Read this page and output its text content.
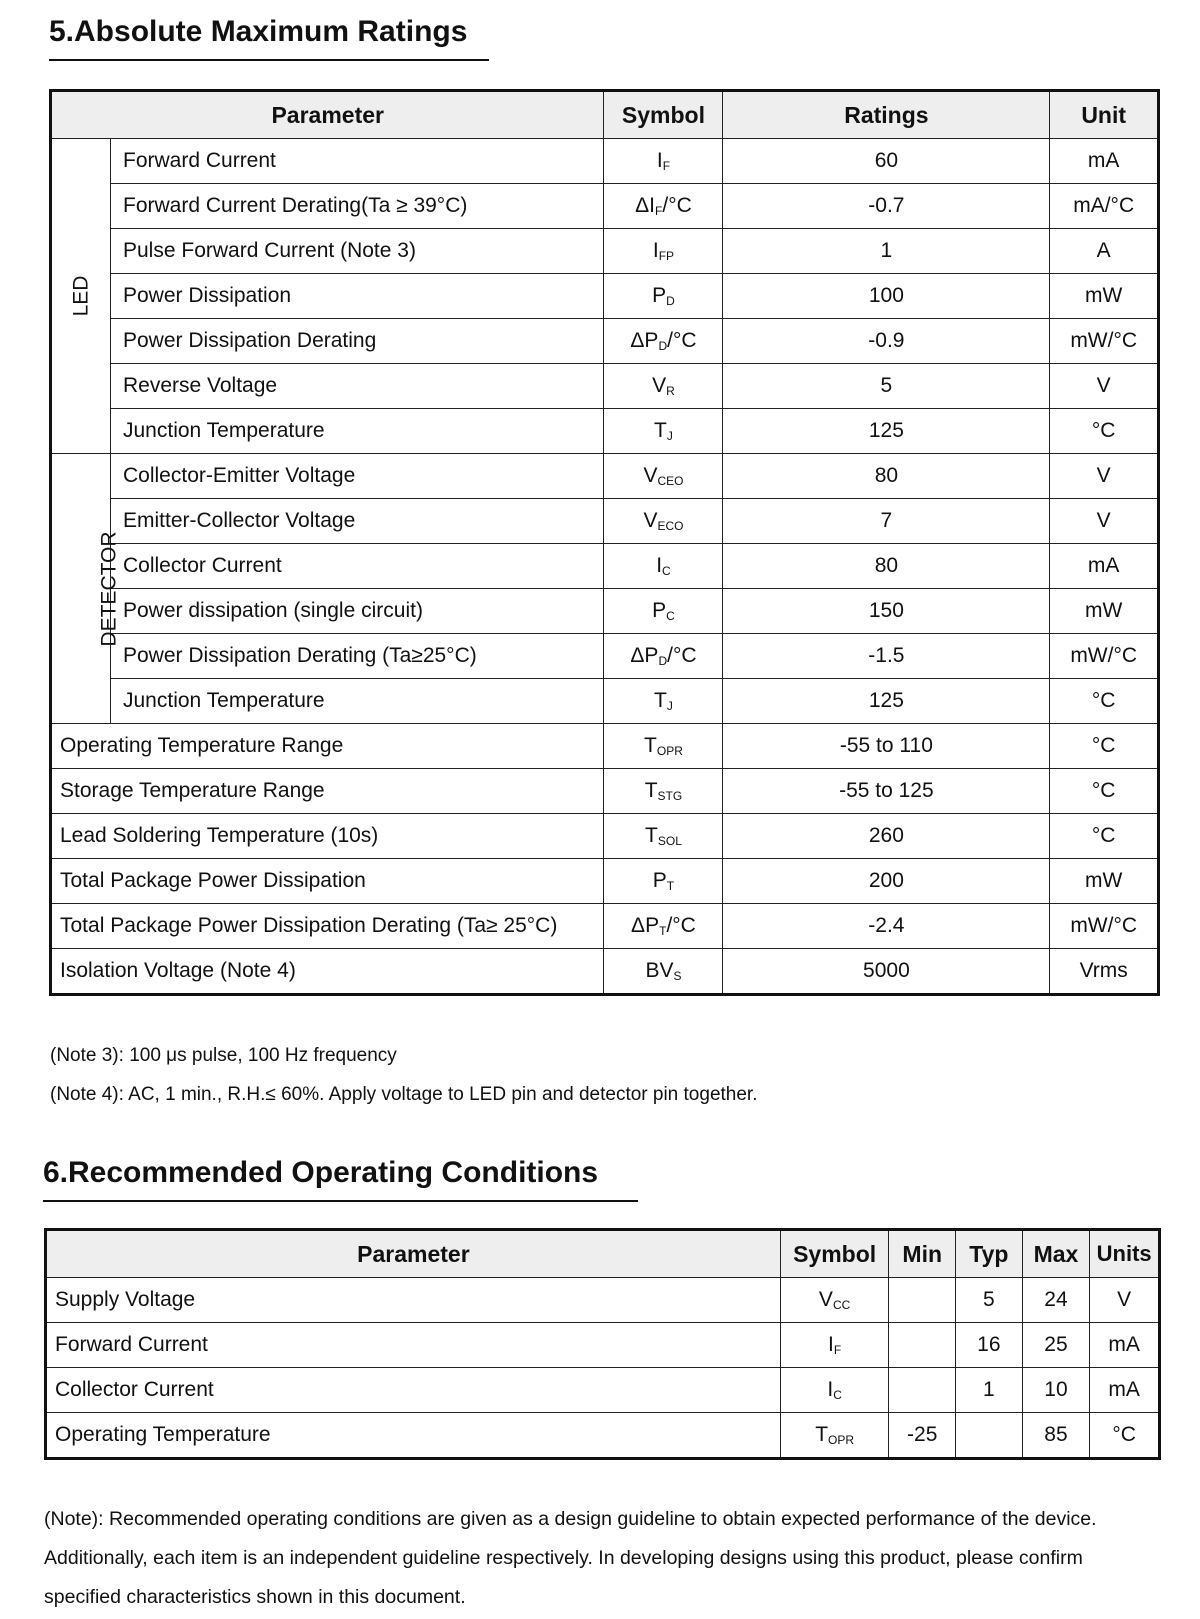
5.Absolute Maximum Ratings
Parameter		Symbol	Ratings	Unit
LED	Forward Current	$I_F$	60	mA
	Forward Current Derating(Ta ≥ 39°C)	$\Delta I_F/^\circ C$	-0.7	mA/°C
	Pulse Forward Current (Note 3)	$I_{FP}$	1	A
	Power Dissipation	$P_D$	100	mW
	Power Dissipation Derating	$\Delta P_D/^\circ C$	-0.9	mW/°C
	Reverse Voltage	$V_R$	5	V
	Junction Temperature	$T_J$	125	°C
DETECTOR	Collector-Emitter Voltage	$V_{CEO}$	80	V
	Emitter-Collector Voltage	$V_{ECO}$	7	V
	Collector Current	$I_C$	80	mA
	Power dissipation (single circuit)	$P_C$	150	mW
	Power Dissipation Derating (Ta≥25°C)	$\Delta P_D/^\circ C$	-1.5	mW/°C
	Junction Temperature	$T_J$	125	°C
Operating Temperature Range		$T_{OPR}$	-55 to 110	°C
Storage Temperature Range		$T_{STG}$	-55 to 125	°C
Lead Soldering Temperature (10s)		$T_{SOL}$	260	°C
Total Package Power Dissipation		$P_T$	200	mW
Total Package Power Dissipation Derating (Ta≥ 25°C)		$\Delta P_T/^\circ C$	-2.4	mW/°C
Isolation Voltage (Note 4)		$BV_S$	5000	Vrms
(Note 3): 100 μs pulse, 100 Hz frequency
(Note 4): AC, 1 min., R.H.≤ 60%. Apply voltage to LED pin and detector pin together.
6.Recommended Operating Conditions
Parameter	Symbol	Min	Typ	Max	Units
Supply Voltage	$V_{CC}$		5	24	V
Forward Current	$I_F$		16	25	mA
Collector Current	$I_C$		1	10	mA
Operating Temperature	$T_{OPR}$	-25		85	°C
(Note): Recommended operating conditions are given as a design guideline to obtain expected performance of the device. Additionally, each item is an independent guideline respectively. In developing designs using this product, please confirm specified characteristics shown in this document.
